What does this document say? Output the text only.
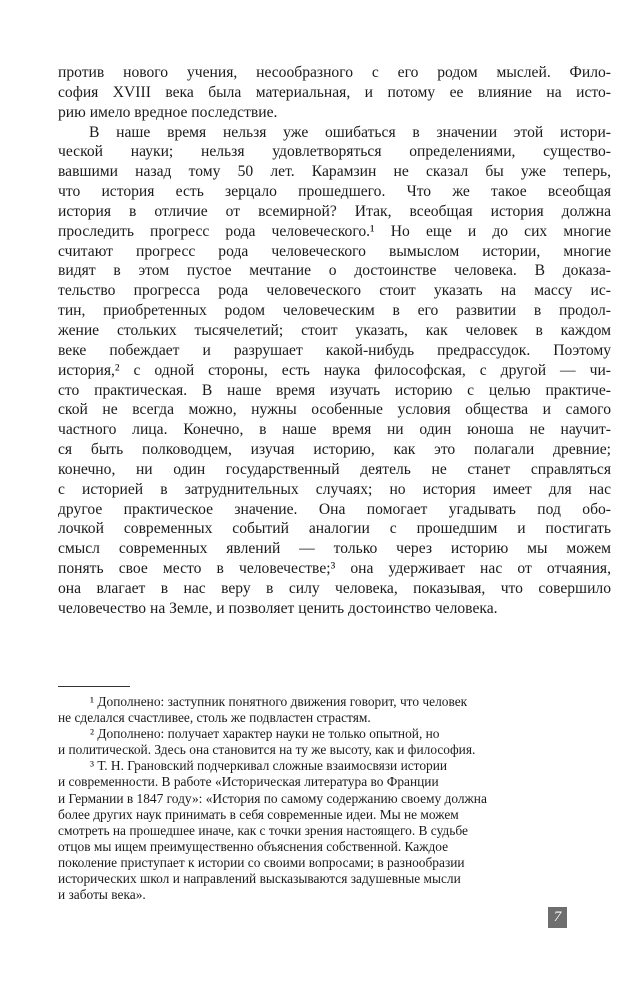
против нового учения, несообразного с его родом мыслей. Фило-
софия XVIII века была материальная, и потому ее влияние на исто-
рию имело вредное последствие.
В наше время нельзя уже ошибаться в значении этой истори-
ческой науки; нельзя удовлетворяться определениями, существо-
вавшими назад тому 50 лет. Карамзин не сказал бы уже теперь,
что история есть зерцало прошедшего. Что же такое всеобщая
история в отличие от всемирной? Итак, всеобщая история должна
проследить прогресс рода человеческого.¹ Но еще и до сих многие
считают прогресс рода человеческого вымыслом истории, многие
видят в этом пустое мечтание о достоинстве человека. В доказа-
тельство прогресса рода человеческого стоит указать на массу ис-
тин, приобретенных родом человеческим в его развитии в продол-
жение стольких тысячелетий; стоит указать, как человек в каждом
веке побеждает и разрушает какой-нибудь предрассудок. Поэтому
история,² с одной стороны, есть наука философская, с другой — чи-
сто практическая. В наше время изучать историю с целью практиче-
ской не всегда можно, нужны особенные условия общества и самого
частного лица. Конечно, в наше время ни один юноша не научит-
ся быть полководцем, изучая историю, как это полагали древние;
конечно, ни один государственный деятель не станет справляться
с историей в затруднительных случаях; но история имеет для нас
другое практическое значение. Она помогает угадывать под обо-
лочкой современных событий аналогии с прошедшим и постигать
смысл современных явлений — только через историю мы можем
понять свое место в человечестве;³ она удерживает нас от отчаяния,
она влагает в нас веру в силу человека, показывая, что совершило
человечество на Земле, и позволяет ценить достоинство человека.
¹ Дополнено: заступник понятного движения говорит, что человек
не сделался счастливее, столь же подвластен страстям.
² Дополнено: получает характер науки не только опытной, но
и политической. Здесь она становится на ту же высоту, как и философия.
³ Т. Н. Грановский подчеркивал сложные взаимосвязи истории
и современности. В работе «Историческая литература во Франции
и Германии в 1847 году»: «История по самому содержанию своему должна
более других наук принимать в себя современные идеи. Мы не можем
смотреть на прошедшее иначе, как с точки зрения настоящего. В судьбе
отцов мы ищем преимущественно объяснения собственной. Каждое
поколение приступает к истории со своими вопросами; в разнообразии
исторических школ и направлений высказываются задушевные мысли
и заботы века».
7
